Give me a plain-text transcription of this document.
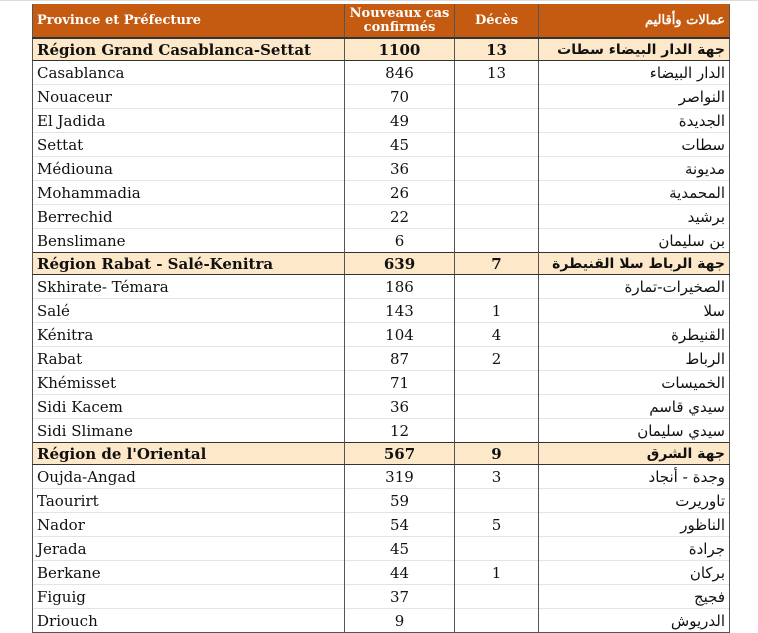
Province et Préfecture	Nouveaux cas confirmés	Décès	عمالات وأقاليم
Région Grand Casablanca-Settat	1100	13	جهة الدار البيضاء سطات
Casablanca	846	13	الدار البيضاء
Nouaceur	70		النواصر
El Jadida	49		الجديدة
Settat	45		سطات
Médiouna	36		مديونة
Mohammadia	26		المحمدية
Berrechid	22		برشيد
Benslimane	6		بن سليمان
Région Rabat - Salé-Kenitra	639	7	جهة الرباط سلا القنيطرة
Skhirate- Témara	186		الصخيرات-تمارة
Salé	143	1	سلا
Kénitra	104	4	القنيطرة
Rabat	87	2	الرباط
Khémisset	71		الخميسات
Sidi Kacem	36		سيدي قاسم
Sidi Slimane	12		سيدي سليمان
Région de l'Oriental	567	9	جهة الشرق
Oujda-Angad	319	3	وجدة - أنجاد
Taourirt	59		تاوريرت
Nador	54	5	الناظور
Jerada	45		جرادة
Berkane	44	1	بركان
Figuig	37		فجيج
Driouch	9		الدريوش
